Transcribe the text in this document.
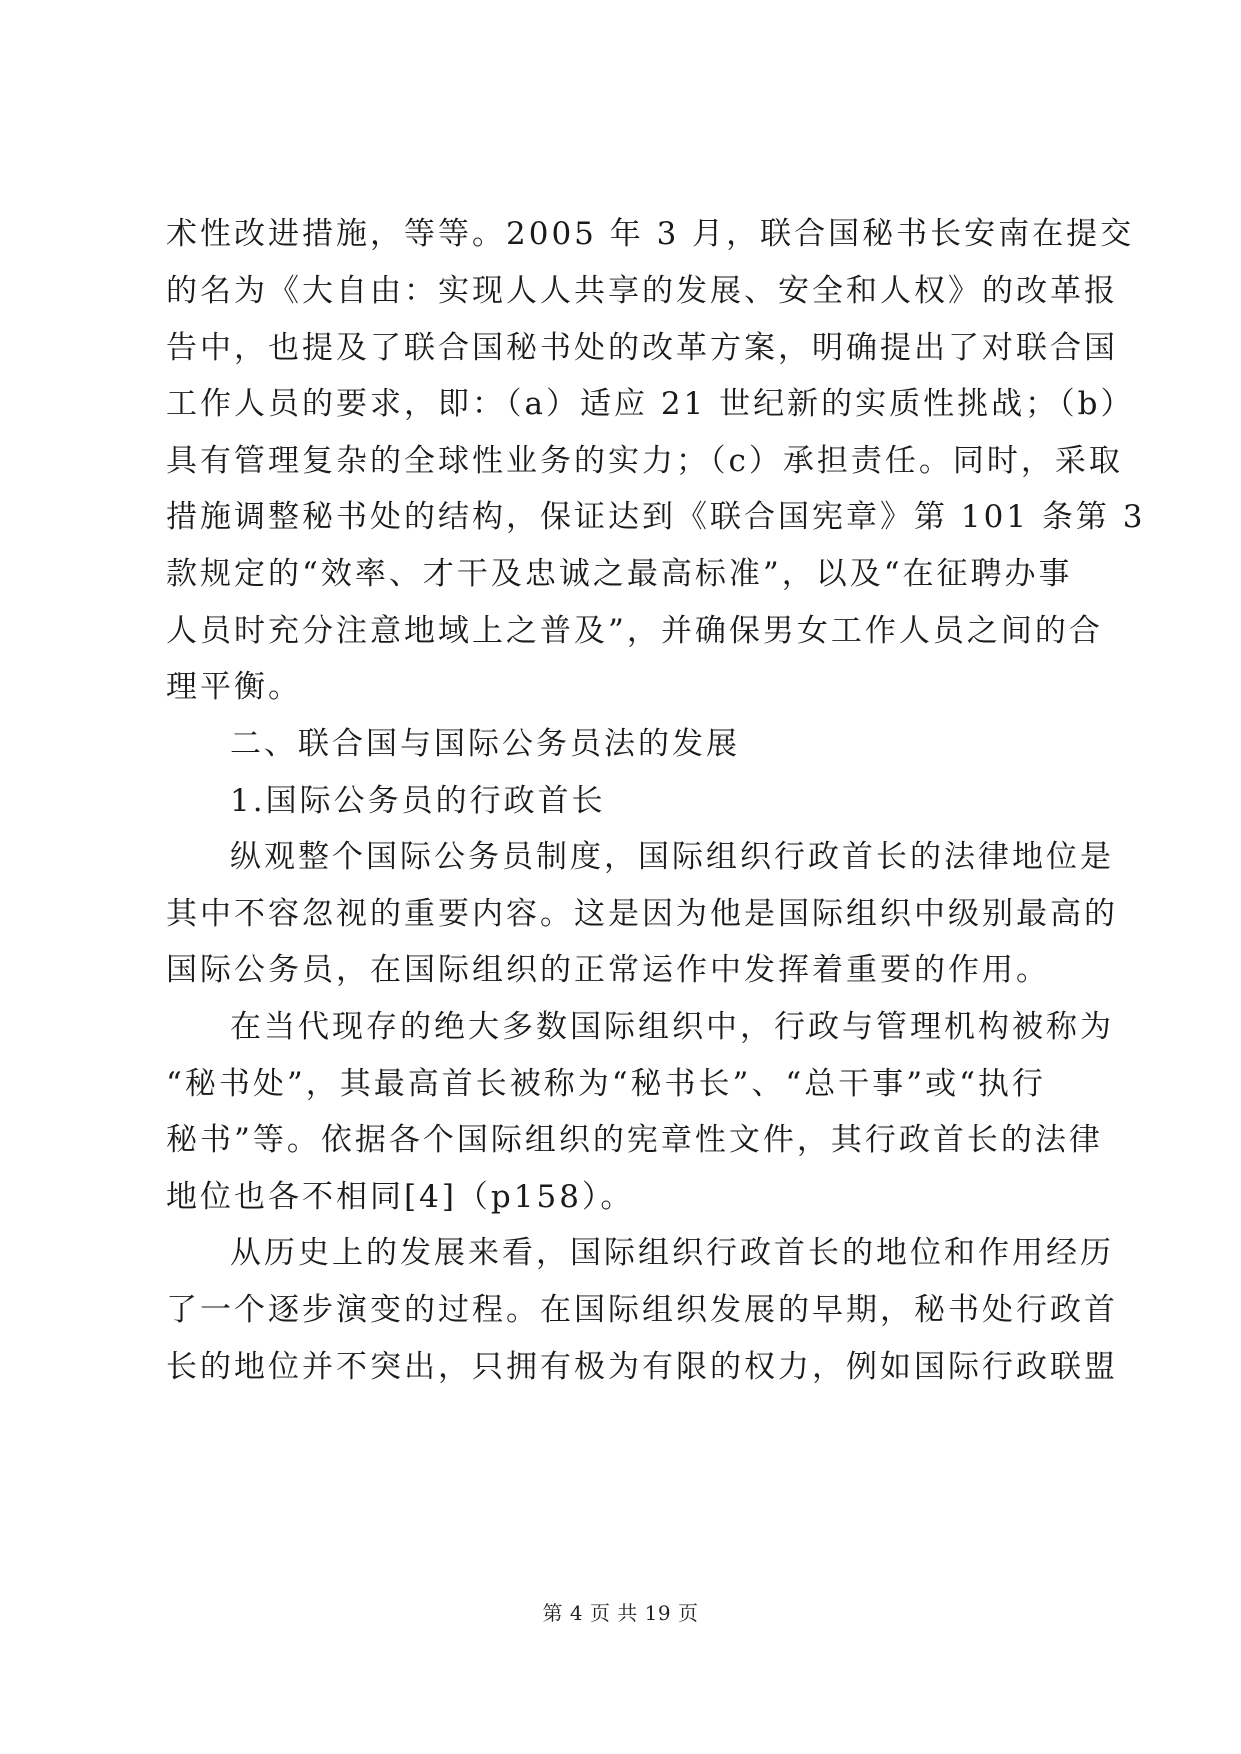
术性改进措施，等等。2005 年 3 月，联合国秘书长安南在提交
的名为《大自由：实现人人共享的发展、安全和人权》的改革报
告中，也提及了联合国秘书处的改革方案，明确提出了对联合国
工作人员的要求，即：（a）适应 21 世纪新的实质性挑战；（b）
具有管理复杂的全球性业务的实力；（c）承担责任。同时，采取
措施调整秘书处的结构，保证达到《联合国宪章》第 101 条第 3
款规定的“效率、才干及忠诚之最高标准”，以及“在征聘办事
人员时充分注意地域上之普及”，并确保男女工作人员之间的合
理平衡。
二、联合国与国际公务员法的发展
1.国际公务员的行政首长
纵观整个国际公务员制度，国际组织行政首长的法律地位是
其中不容忽视的重要内容。这是因为他是国际组织中级别最高的
国际公务员，在国际组织的正常运作中发挥着重要的作用。
在当代现存的绝大多数国际组织中，行政与管理机构被称为
“秘书处”，其最高首长被称为“秘书长”、“总干事”或“执行
秘书”等。依据各个国际组织的宪章性文件，其行政首长的法律
地位也各不相同[4]（p158）。
从历史上的发展来看，国际组织行政首长的地位和作用经历
了一个逐步演变的过程。在国际组织发展的早期，秘书处行政首
长的地位并不突出，只拥有极为有限的权力，例如国际行政联盟
第 4 页 共 19 页
